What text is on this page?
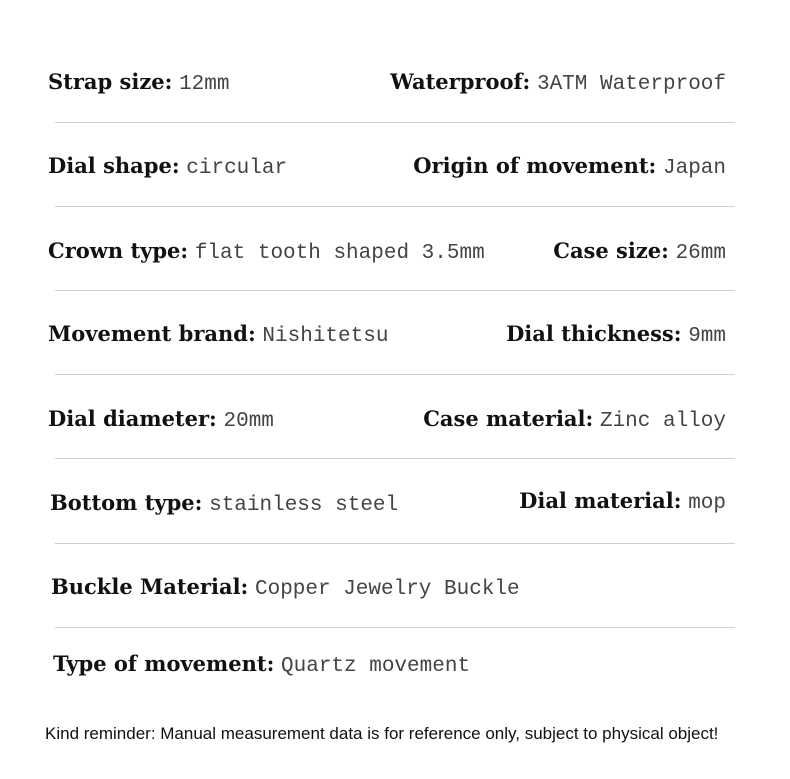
Strap size: 12mm	Waterproof: 3ATM Waterproof
Dial shape: circular	Origin of movement: Japan
Crown type: flat tooth shaped 3.5mm	Case size: 26mm
Movement brand: Nishitetsu	Dial thickness: 9mm
Dial diameter: 20mm	Case material: Zinc alloy
Bottom type: stainless steel	Dial material: mop
Buckle Material: Copper Jewelry Buckle
Type of movement: Quartz movement
Kind reminder: Manual measurement data is for reference only, subject to physical object!
